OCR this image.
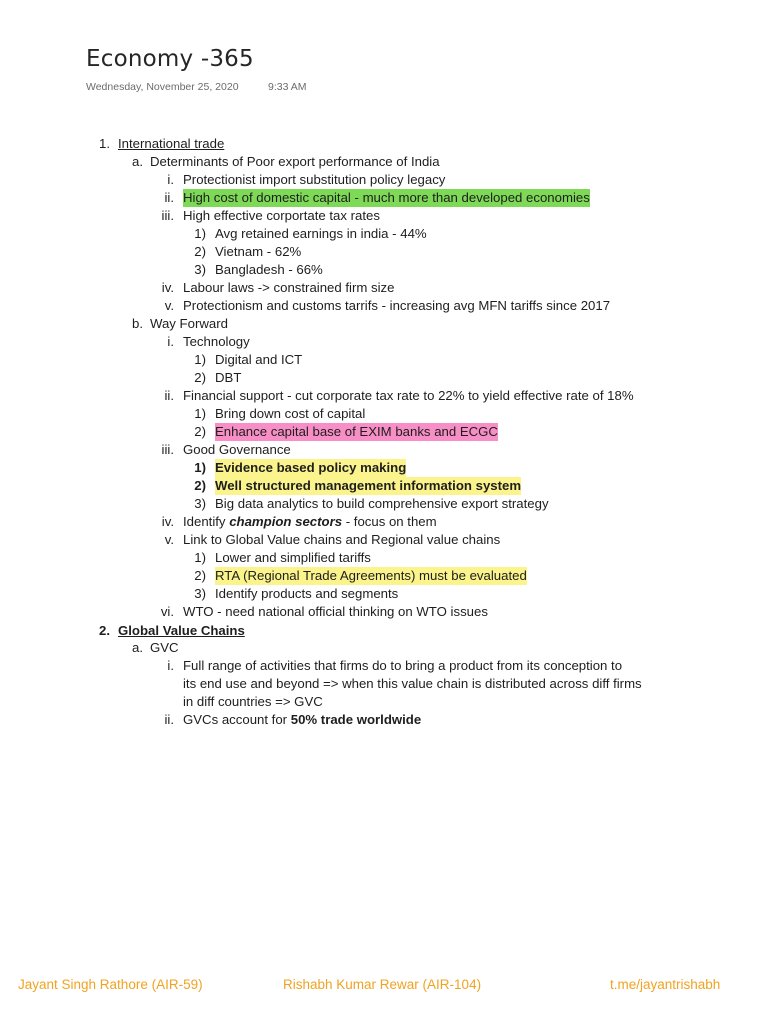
Economy -365
Wednesday, November 25, 2020	9:33 AM
1. International trade
a. Determinants of Poor export performance of India
i. Protectionist import substitution policy legacy
ii. High cost of domestic capital - much more than developed economies
iii. High effective corportate tax rates
1) Avg retained earnings in india - 44%
2) Vietnam - 62%
3) Bangladesh - 66%
iv. Labour laws -> constrained firm size
v. Protectionism and customs tarrifs - increasing avg MFN tariffs since 2017
b. Way Forward
i. Technology
1) Digital and ICT
2) DBT
ii. Financial support - cut corporate tax rate to 22% to yield effective rate of 18%
1) Bring down cost of capital
2) Enhance capital base of EXIM banks and ECGC
iii. Good Governance
1) Evidence based policy making
2) Well structured management information system
3) Big data analytics to build comprehensive export strategy
iv. Identify champion sectors - focus on them
v. Link to Global Value chains and Regional value chains
1) Lower and simplified tariffs
2) RTA (Regional Trade Agreements) must be evaluated
3) Identify products and segments
vi. WTO - need national official thinking on WTO issues
2. Global Value Chains
a. GVC
i. Full range of activities that firms do to bring a product from its conception to
its end use and beyond => when this value chain is distributed across diff firms
in diff countries => GVC
ii. GVCs account for 50% trade worldwide
Jayant Singh Rathore (AIR-59)	Rishabh Kumar Rewar (AIR-104)	t.me/jayantrishabh
